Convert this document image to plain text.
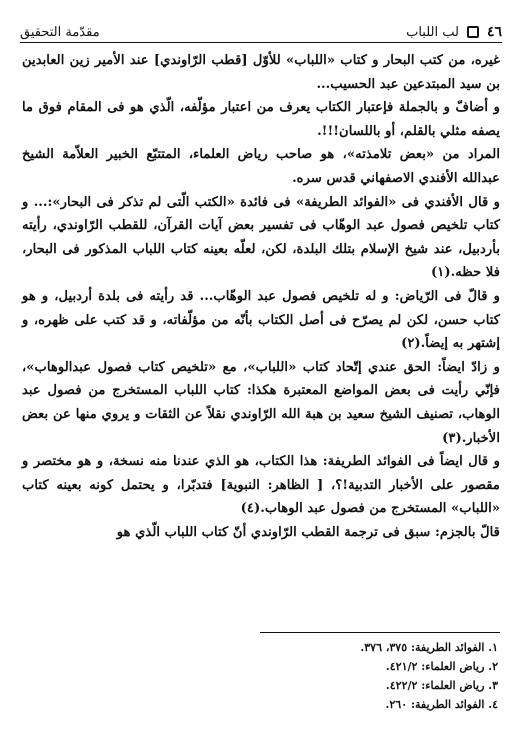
٤٦
لب اللباب
مقدّمة التحقيق

غيره، من كتب البحار و كتاب «اللباب» للأوّل [قطب الرّاوندي] عند الأمير زين العابدين بن سيد المبتدعين عبد الحسيب...

و أضافّ و بالجملة فإعتبار الكتاب يعرف من اعتبار مؤلّفه، الّذي هو فى المقام فوق ما يصفه مثلي بالقلم، أو باللسان!!!.

المراد من «بعض تلامذته»، هو صاحب رياض العلماء، المتتبّع الخبير العلاّمة الشيخ عبدالله الأفندي الاصفهاني قدس سره.

و قال الأفندي فى «الفوائد الطريفة» فى فائدة «الكتب الّتى لم تذكر فى البحار»:... و كتاب تلخيص فصول عبد الوهّاب فى تفسير بعض آيات القرآن، للقطب الرّاوندي، رأيته بأردبيل، عند شيخ الإسلام بتلك البلدة، لكن، لعلّه بعينه كتاب اللباب المذكور فى البحار، فلا حظه.(١)

و قالّ فى الرّياض: و له تلخيص فصول عبد الوهّاب... قد رأيته فى بلدة أردبيل، و هو كتاب حسن، لكن لم يصرّح فى أصل الكتاب بأنّه من مؤلّفاته، و قد كتب على ظهره، و إشتهر به إيضاً.(٢)

و زادّ ايضاً: الحق عندي إتّحاد كتاب «اللباب»، مع «تلخيص كتاب فصول عبدالوهاب»، فإنّي رأيت فى بعض المواضع المعتبرة هكذا: كتاب اللباب المستخرج من فصول عبد الوهاب، تصنيف الشيخ سعيد بن هبة الله الرّاوندي نقلاً عن الثقات و يروي منها عن بعض الأخبار.(٣)

و قال ايضاً فى الفوائد الطريفة: هذا الكتاب، هو الذي عندنا منه نسخة، و هو مختصر و مقصور على الأخبار التدبية!؟، [ الظاهر: النبوية] فتدبّرا، و يحتمل كونه بعينه كتاب «اللباب» المستخرج من فصول عبد الوهاب.(٤)

قالّ بالجزم: سبق فى ترجمة القطب الرّاوندي أنّ كتاب اللباب الّذي هو

١. الفوائد الطريفة: ٣٧٥، ٣٧٦.

٢. رياض العلماء: ٤٢١/٢.

٣. رياض العلماء: ٤٢٢/٢.

٤. الفوائد الطريفة: ٢٦٠.
